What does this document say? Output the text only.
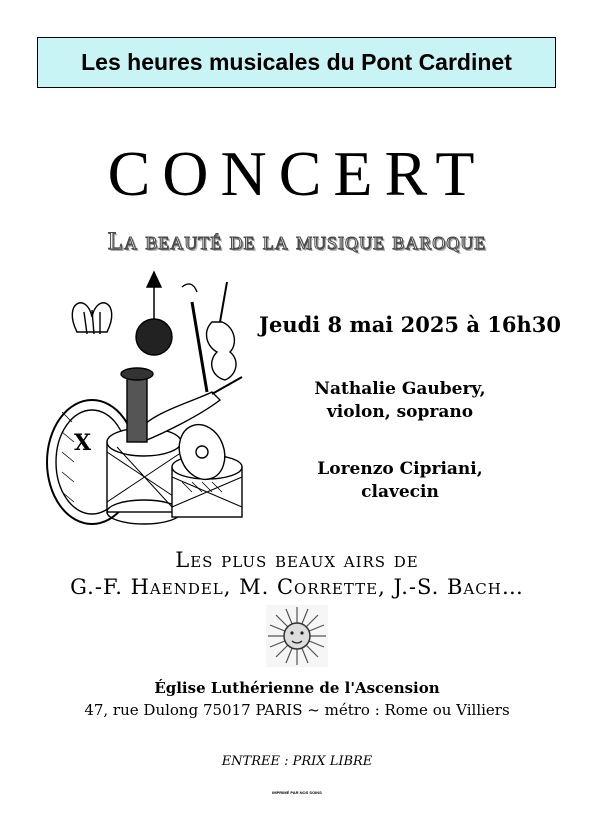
Les heures musicales du Pont Cardinet
CONCERT
La beauté de la musique baroque
X
Jeudi 8 mai 2025 à 16h30
Nathalie Gaubery,
violon, soprano
Lorenzo Cipriani,
clavecin
Les plus beaux airs de
G.-F. Haendel, M. Corrette, J.-S. Bach…
Église Luthérienne de l'Ascension
47, rue Dulong 75017 PARIS ~ métro : Rome ou Villiers
ENTREE : PRIX LIBRE
IMPRIMÉ PAR NOS SOINS
